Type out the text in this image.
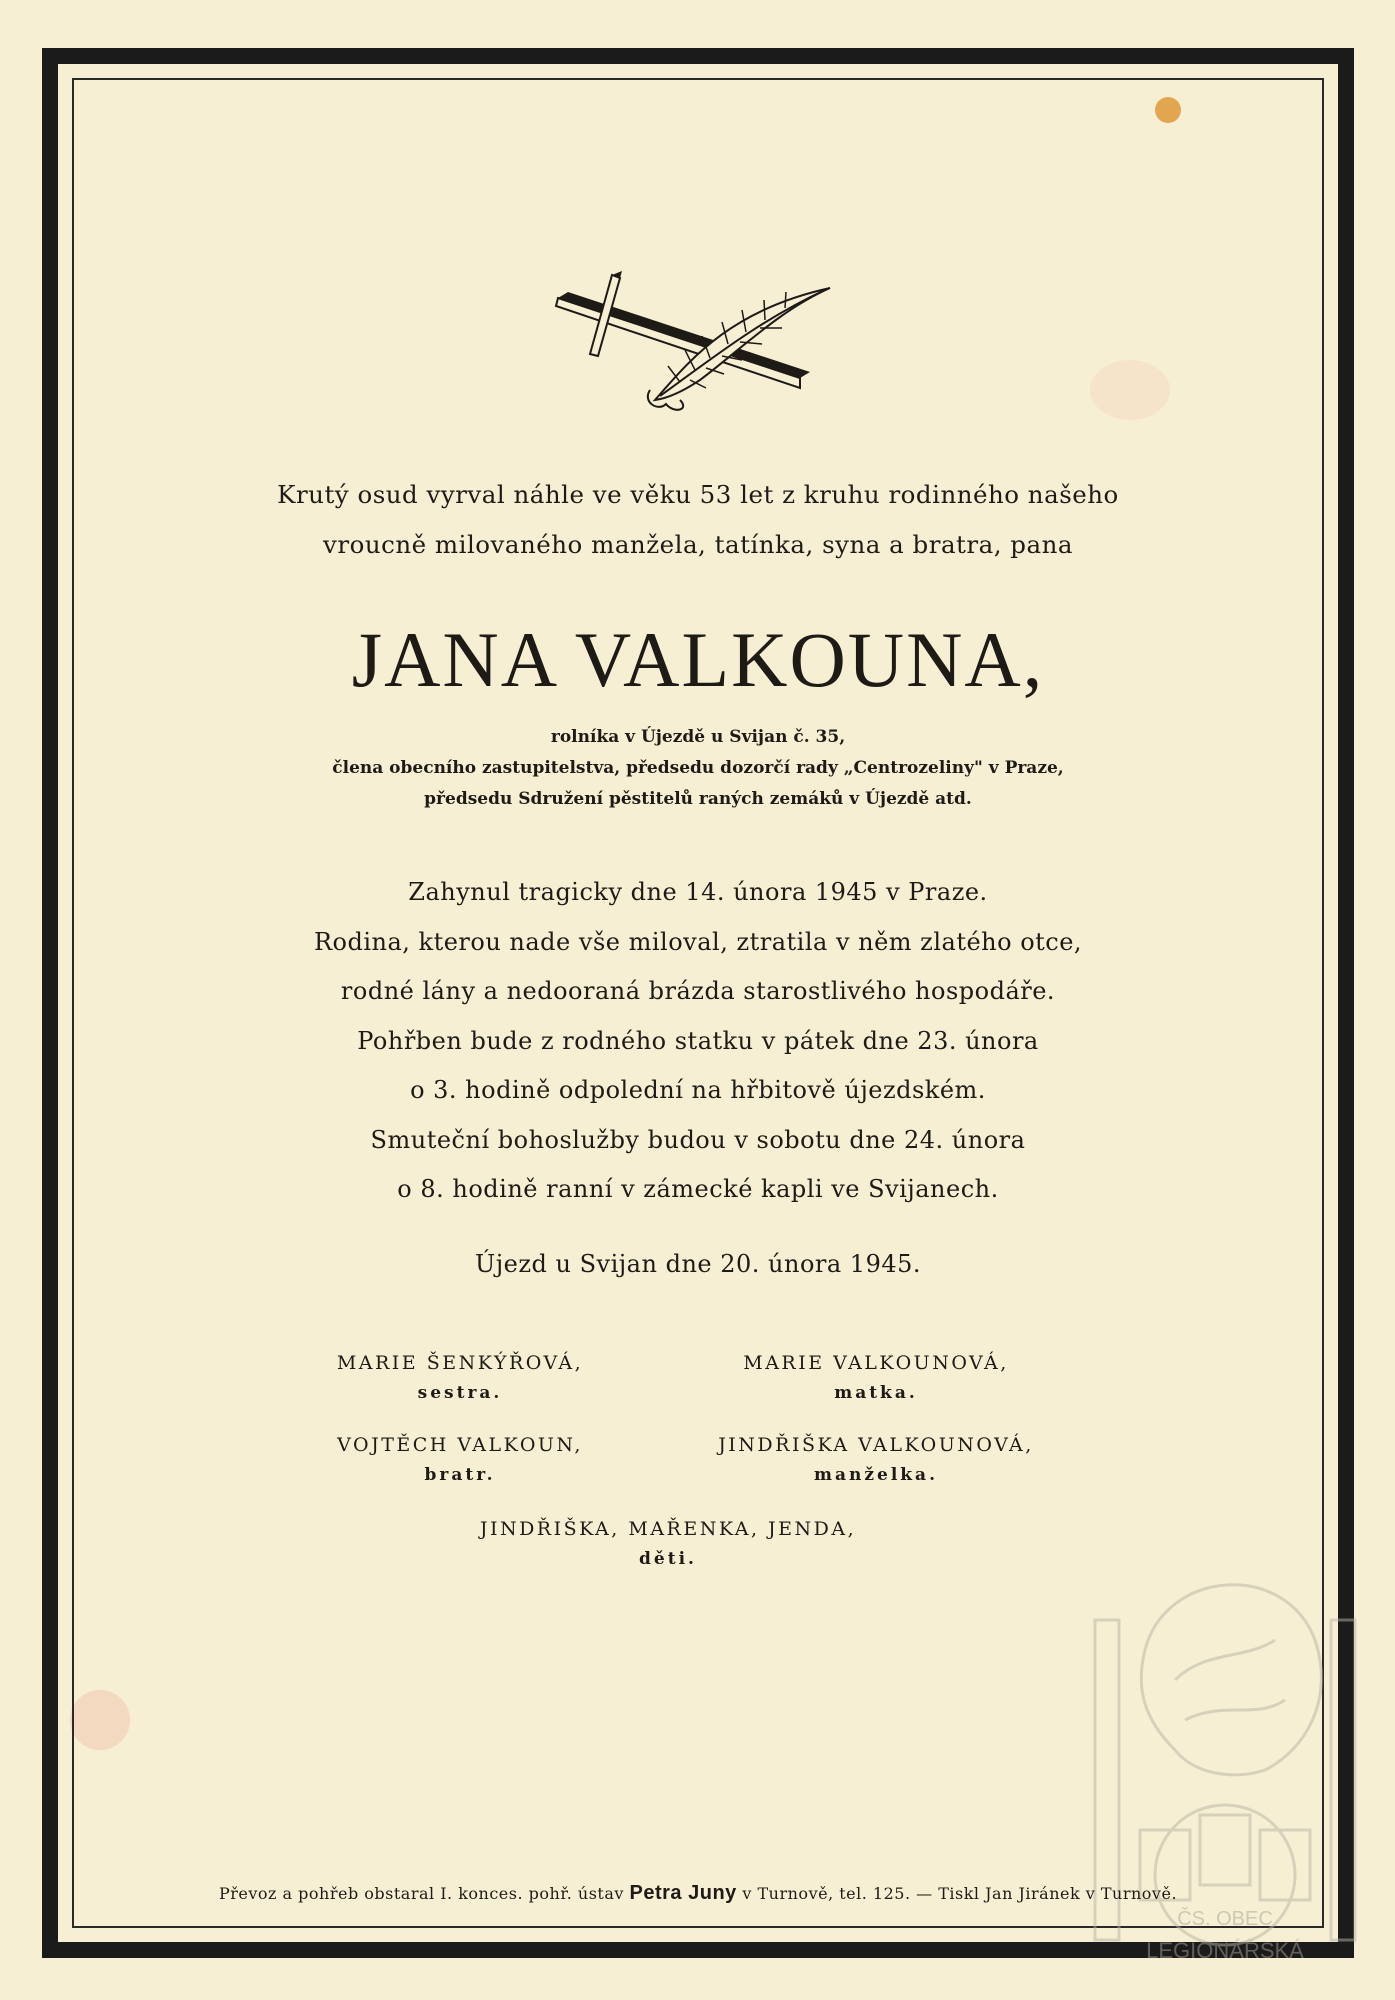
Krutý osud vyrval náhle ve věku 53 let z kruhu rodinného našeho
vroucně milovaného manžela, tatínka, syna a bratra, pana
JANA VALKOUNA,
rolníka v Újezdě u Svijan č. 35,
člena obecního zastupitelstva, předsedu dozorčí rady „Centrozeliny" v Praze,
předsedu Sdružení pěstitelů raných zemáků v Újezdě atd.
Zahynul tragicky dne 14. února 1945 v Praze.
Rodina, kterou nade vše miloval, ztratila v něm zlatého otce,
rodné lány a nedooraná brázda starostlivého hospodáře.
Pohřben bude z rodného statku v pátek dne 23. února
o 3. hodině odpolední na hřbitově újezdském.
Smuteční bohoslužby budou v sobotu dne 24. února
o 8. hodině ranní v zámecké kapli ve Svijanech.
Újezd u Svijan dne 20. února 1945.
MARIE ŠENKÝŘOVÁ,
sestra.
MARIE VALKOUNOVÁ,
matka.
VOJTĚCH VALKOUN,
bratr.
JINDŘIŠKA VALKOUNOVÁ,
manželka.
JINDŘIŠKA, MAŘENKA, JENDA,
děti.
ČS. OBEC
LEGIONÁŘSKÁ
Převoz a pohřeb obstaral I. konces. pohř. ústav Petra Juny v Turnově, tel. 125. — Tiskl Jan Jiránek v Turnově.
